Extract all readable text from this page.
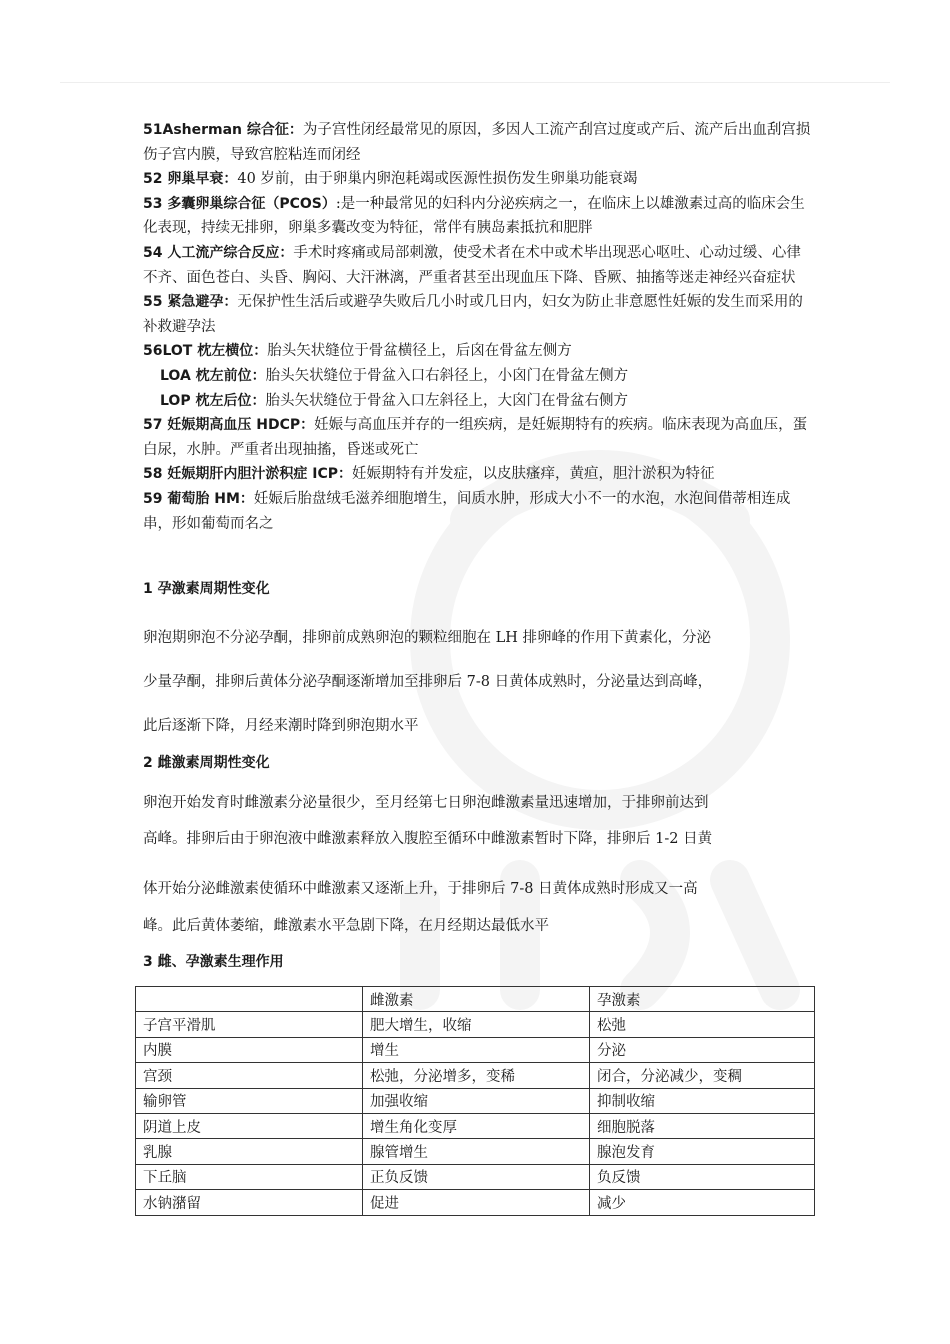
51Asherman 综合征：为子宫性闭经最常见的原因，多因人工流产刮宫过度或产后、流产后出血刮宫损伤子宫内膜，导致宫腔粘连而闭经

52 卵巢早衰：40 岁前，由于卵巢内卵泡耗竭或医源性损伤发生卵巢功能衰竭

53 多囊卵巢综合征（PCOS）:是一种最常见的妇科内分泌疾病之一，在临床上以雄激素过高的临床会生化表现，持续无排卵，卵巢多囊改变为特征，常伴有胰岛素抵抗和肥胖

54 人工流产综合反应：手术时疼痛或局部刺激，使受术者在术中或术毕出现恶心呕吐、心动过缓、心律不齐、面色苍白、头昏、胸闷、大汗淋漓，严重者甚至出现血压下降、昏厥、抽搐等迷走神经兴奋症状

55 紧急避孕：无保护性生活后或避孕失败后几小时或几日内，妇女为防止非意愿性妊娠的发生而采用的补救避孕法

56LOT 枕左横位：胎头矢状缝位于骨盆横径上，后囟在骨盆左侧方

LOA 枕左前位：胎头矢状缝位于骨盆入口右斜径上，小囟门在骨盆左侧方

LOP 枕左后位：胎头矢状缝位于骨盆入口左斜径上，大囟门在骨盆右侧方

57 妊娠期高血压 HDCP：妊娠与高血压并存的一组疾病，是妊娠期特有的疾病。临床表现为高血压，蛋白尿，水肿。严重者出现抽搐，昏迷或死亡

58 妊娠期肝内胆汁淤积症 ICP：妊娠期特有并发症，以皮肤瘙痒，黄疸，胆汁淤积为特征

59 葡萄胎 HM：妊娠后胎盘绒毛滋养细胞增生，间质水肿，形成大小不一的水泡，水泡间借蒂相连成串，形如葡萄而名之

1 孕激素周期性变化

卵泡期卵泡不分泌孕酮，排卵前成熟卵泡的颗粒细胞在 LH 排卵峰的作用下黄素化，分泌
少量孕酮，排卵后黄体分泌孕酮逐渐增加至排卵后 7-8 日黄体成熟时，分泌量达到高峰，
此后逐渐下降，月经来潮时降到卵泡期水平

2 雌激素周期性变化

卵泡开始发育时雌激素分泌量很少，至月经第七日卵泡雌激素量迅速增加，于排卵前达到
高峰。排卵后由于卵泡液中雌激素释放入腹腔至循环中雌激素暂时下降，排卵后 1-2 日黄
体开始分泌雌激素使循环中雌激素又逐渐上升，于排卵后 7-8 日黄体成熟时形成又一高
峰。此后黄体萎缩，雌激素水平急剧下降，在月经期达最低水平

3 雌、孕激素生理作用

	雌激素	孕激素
子宫平滑肌	肥大增生，收缩	松弛
内膜	增生	分泌
宫颈	松弛，分泌增多，变稀	闭合，分泌减少，变稠
输卵管	加强收缩	抑制收缩
阴道上皮	增生角化变厚	细胞脱落
乳腺	腺管增生	腺泡发育
下丘脑	正负反馈	负反馈
水钠潴留	促进	减少
